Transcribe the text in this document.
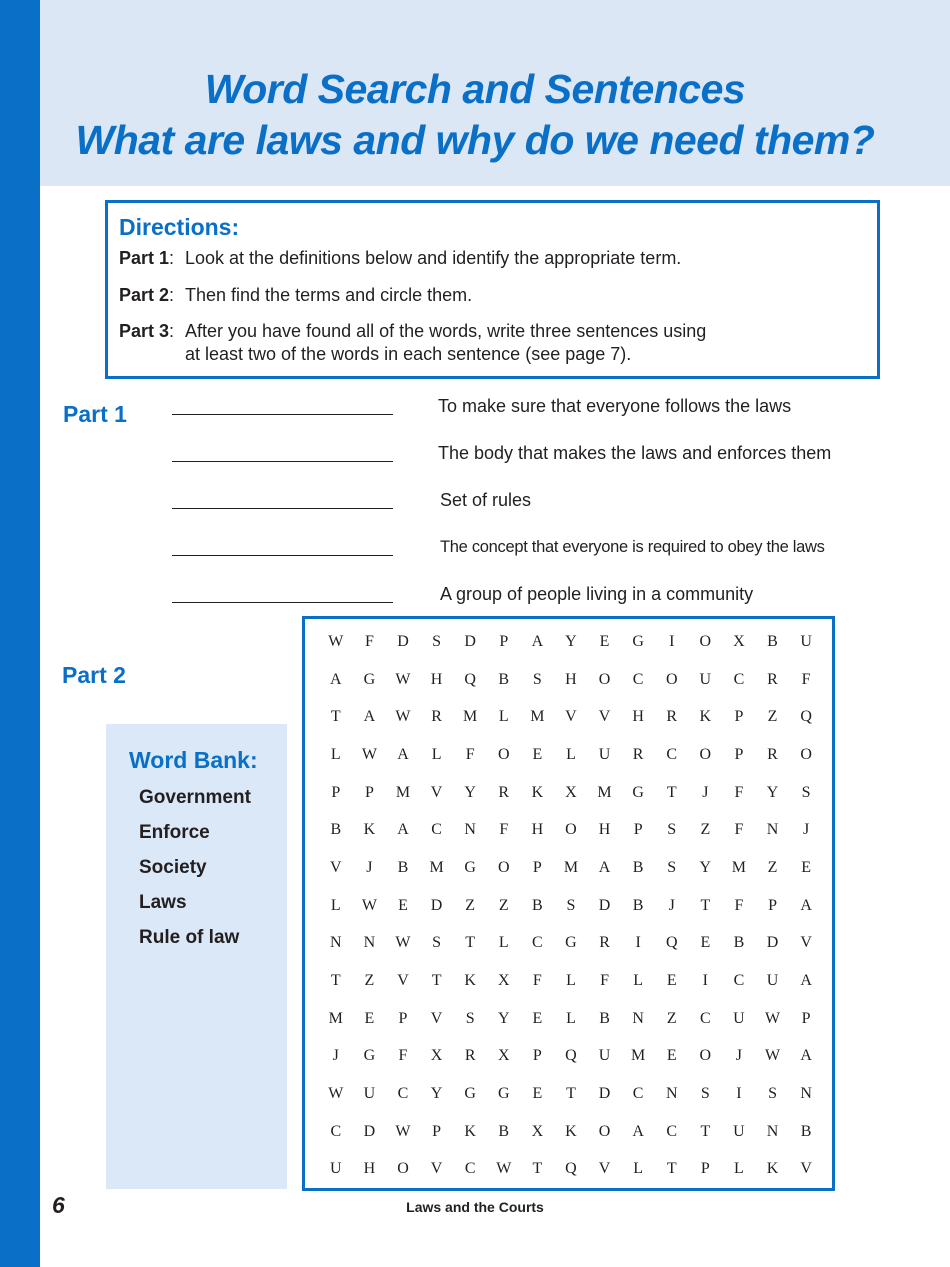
Word Search and Sentences
What are laws and why do we need them?
Directions:
Part 1: Look at the definitions below and identify the appropriate term.
Part 2: Then find the terms and circle them.
Part 3: After you have found all of the words, write three sentences using
at least two of the words in each sentence (see page 7).
Part 1	To make sure that everyone follows the laws
The body that makes the laws and enforces them
Set of rules
The concept that everyone is required to obey the laws
A group of people living in a community
Part 2
Word Bank:
Government
Enforce
Society
Laws
Rule of law
W	F	D	S	D	P	A	Y	E	G	I	O	X	B	U
A	G	W	H	Q	B	S	H	O	C	O	U	C	R	F
T	A	W	R	M	L	M	V	V	H	R	K	P	Z	Q
L	W	A	L	F	O	E	L	U	R	C	O	P	R	O
P	P	M	V	Y	R	K	X	M	G	T	J	F	Y	S
B	K	A	C	N	F	H	O	H	P	S	Z	F	N	J
V	J	B	M	G	O	P	M	A	B	S	Y	M	Z	E
L	W	E	D	Z	Z	B	S	D	B	J	T	F	P	A
N	N	W	S	T	L	C	G	R	I	Q	E	B	D	V
T	Z	V	T	K	X	F	L	F	L	E	I	C	U	A
M	E	P	V	S	Y	E	L	B	N	Z	C	U	W	P
J	G	F	X	R	X	P	Q	U	M	E	O	J	W	A
W	U	C	Y	G	G	E	T	D	C	N	S	I	S	N
C	D	W	P	K	B	X	K	O	A	C	T	U	N	B
U	H	O	V	C	W	T	Q	V	L	T	P	L	K	V
6	Laws and the Courts
